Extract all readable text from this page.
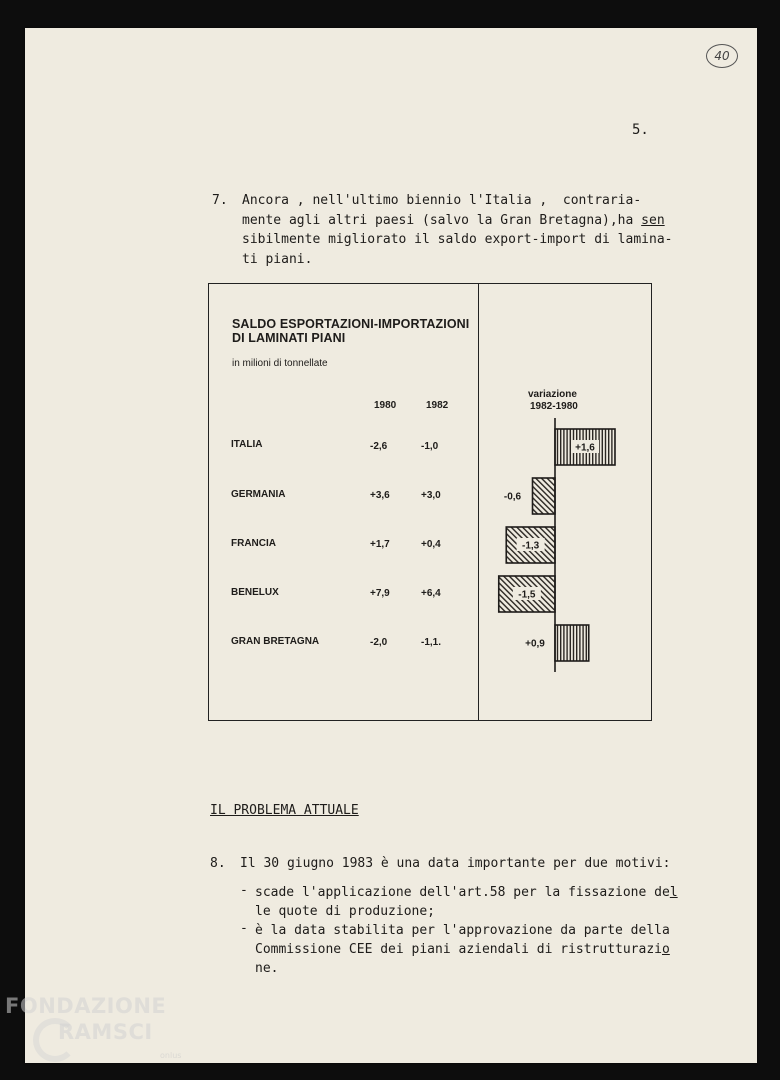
40
5.
7. Ancora , nell'ultimo biennio l'Italia ,  contraria-
mente agli altri paesi (salvo la Gran Bretagna),ha sen
sibilmente migliorato il saldo export-import di lamina-
ti piani.
SALDO ESPORTAZIONI-IMPORTAZIONI
DI LAMINATI PIANI
in milioni di tonnellate
1980	1982
variazione
1982-1980
ITALIA
GERMANIA
FRANCIA
BENELUX
GRAN BRETAGNA
-2,6
+3,6
+1,7
+7,9
-2,0
-1,0
+3,0
+0,4
+6,4
-1,1.
+1,6
-0,6
-1,3
-1,5
+0,9
IL PROBLEMA ATTUALE
8. Il 30 giugno 1983 è una data importante per due motivi:
- scade l'applicazione dell'art.58 per la fissazione del
le quote di produzione;
- è la data stabilita per l'approvazione da parte della
Commissione CEE dei piani aziendali di ristrutturazio
ne.
FONDAZIONE
RAMSCI
onlus
